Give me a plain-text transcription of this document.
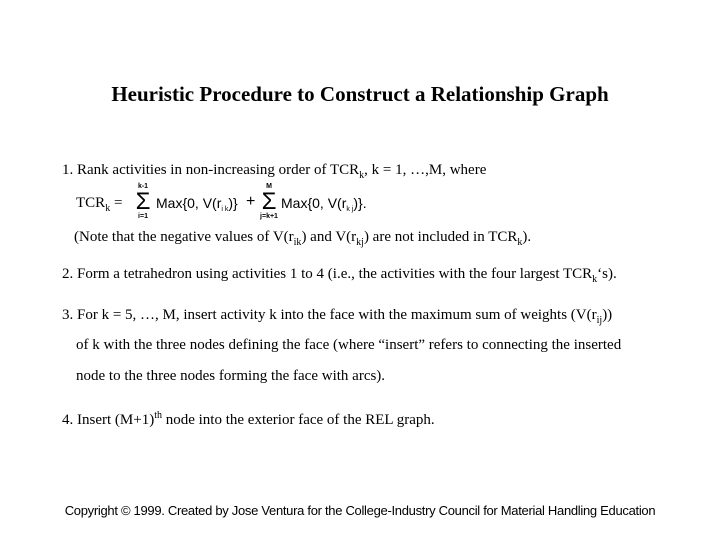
Heuristic Procedure to Construct a Relationship Graph
1. Rank activities in non-increasing order of $TCR_k$, k = 1, …,M, where
$TCR_k$ =
k-1
Σ
i=1
Max{0, $V(r_{i k})$} +
M
Σ
j=k+1
Max{0, $V(r_{k j})$}.
(Note that the negative values of $V(r_{ik})$ and $V(r_{kj})$ are not included in $TCR_k$).
2. Form a tetrahedron using activities 1 to 4 (i.e., the activities with the four largest $TCR_k‘s$).
3. For k = 5, …, M, insert activity k into the face with the maximum sum of weights $(V(r_{ij}))$
of k with the three nodes defining the face (where “insert” refers to connecting the inserted
node to the three nodes forming the face with arcs).
4. Insert $(M+1)^{th}$ node into the exterior face of the REL graph.
Copyright © 1999. Created by Jose Ventura for the College-Industry Council for Material Handling Education
